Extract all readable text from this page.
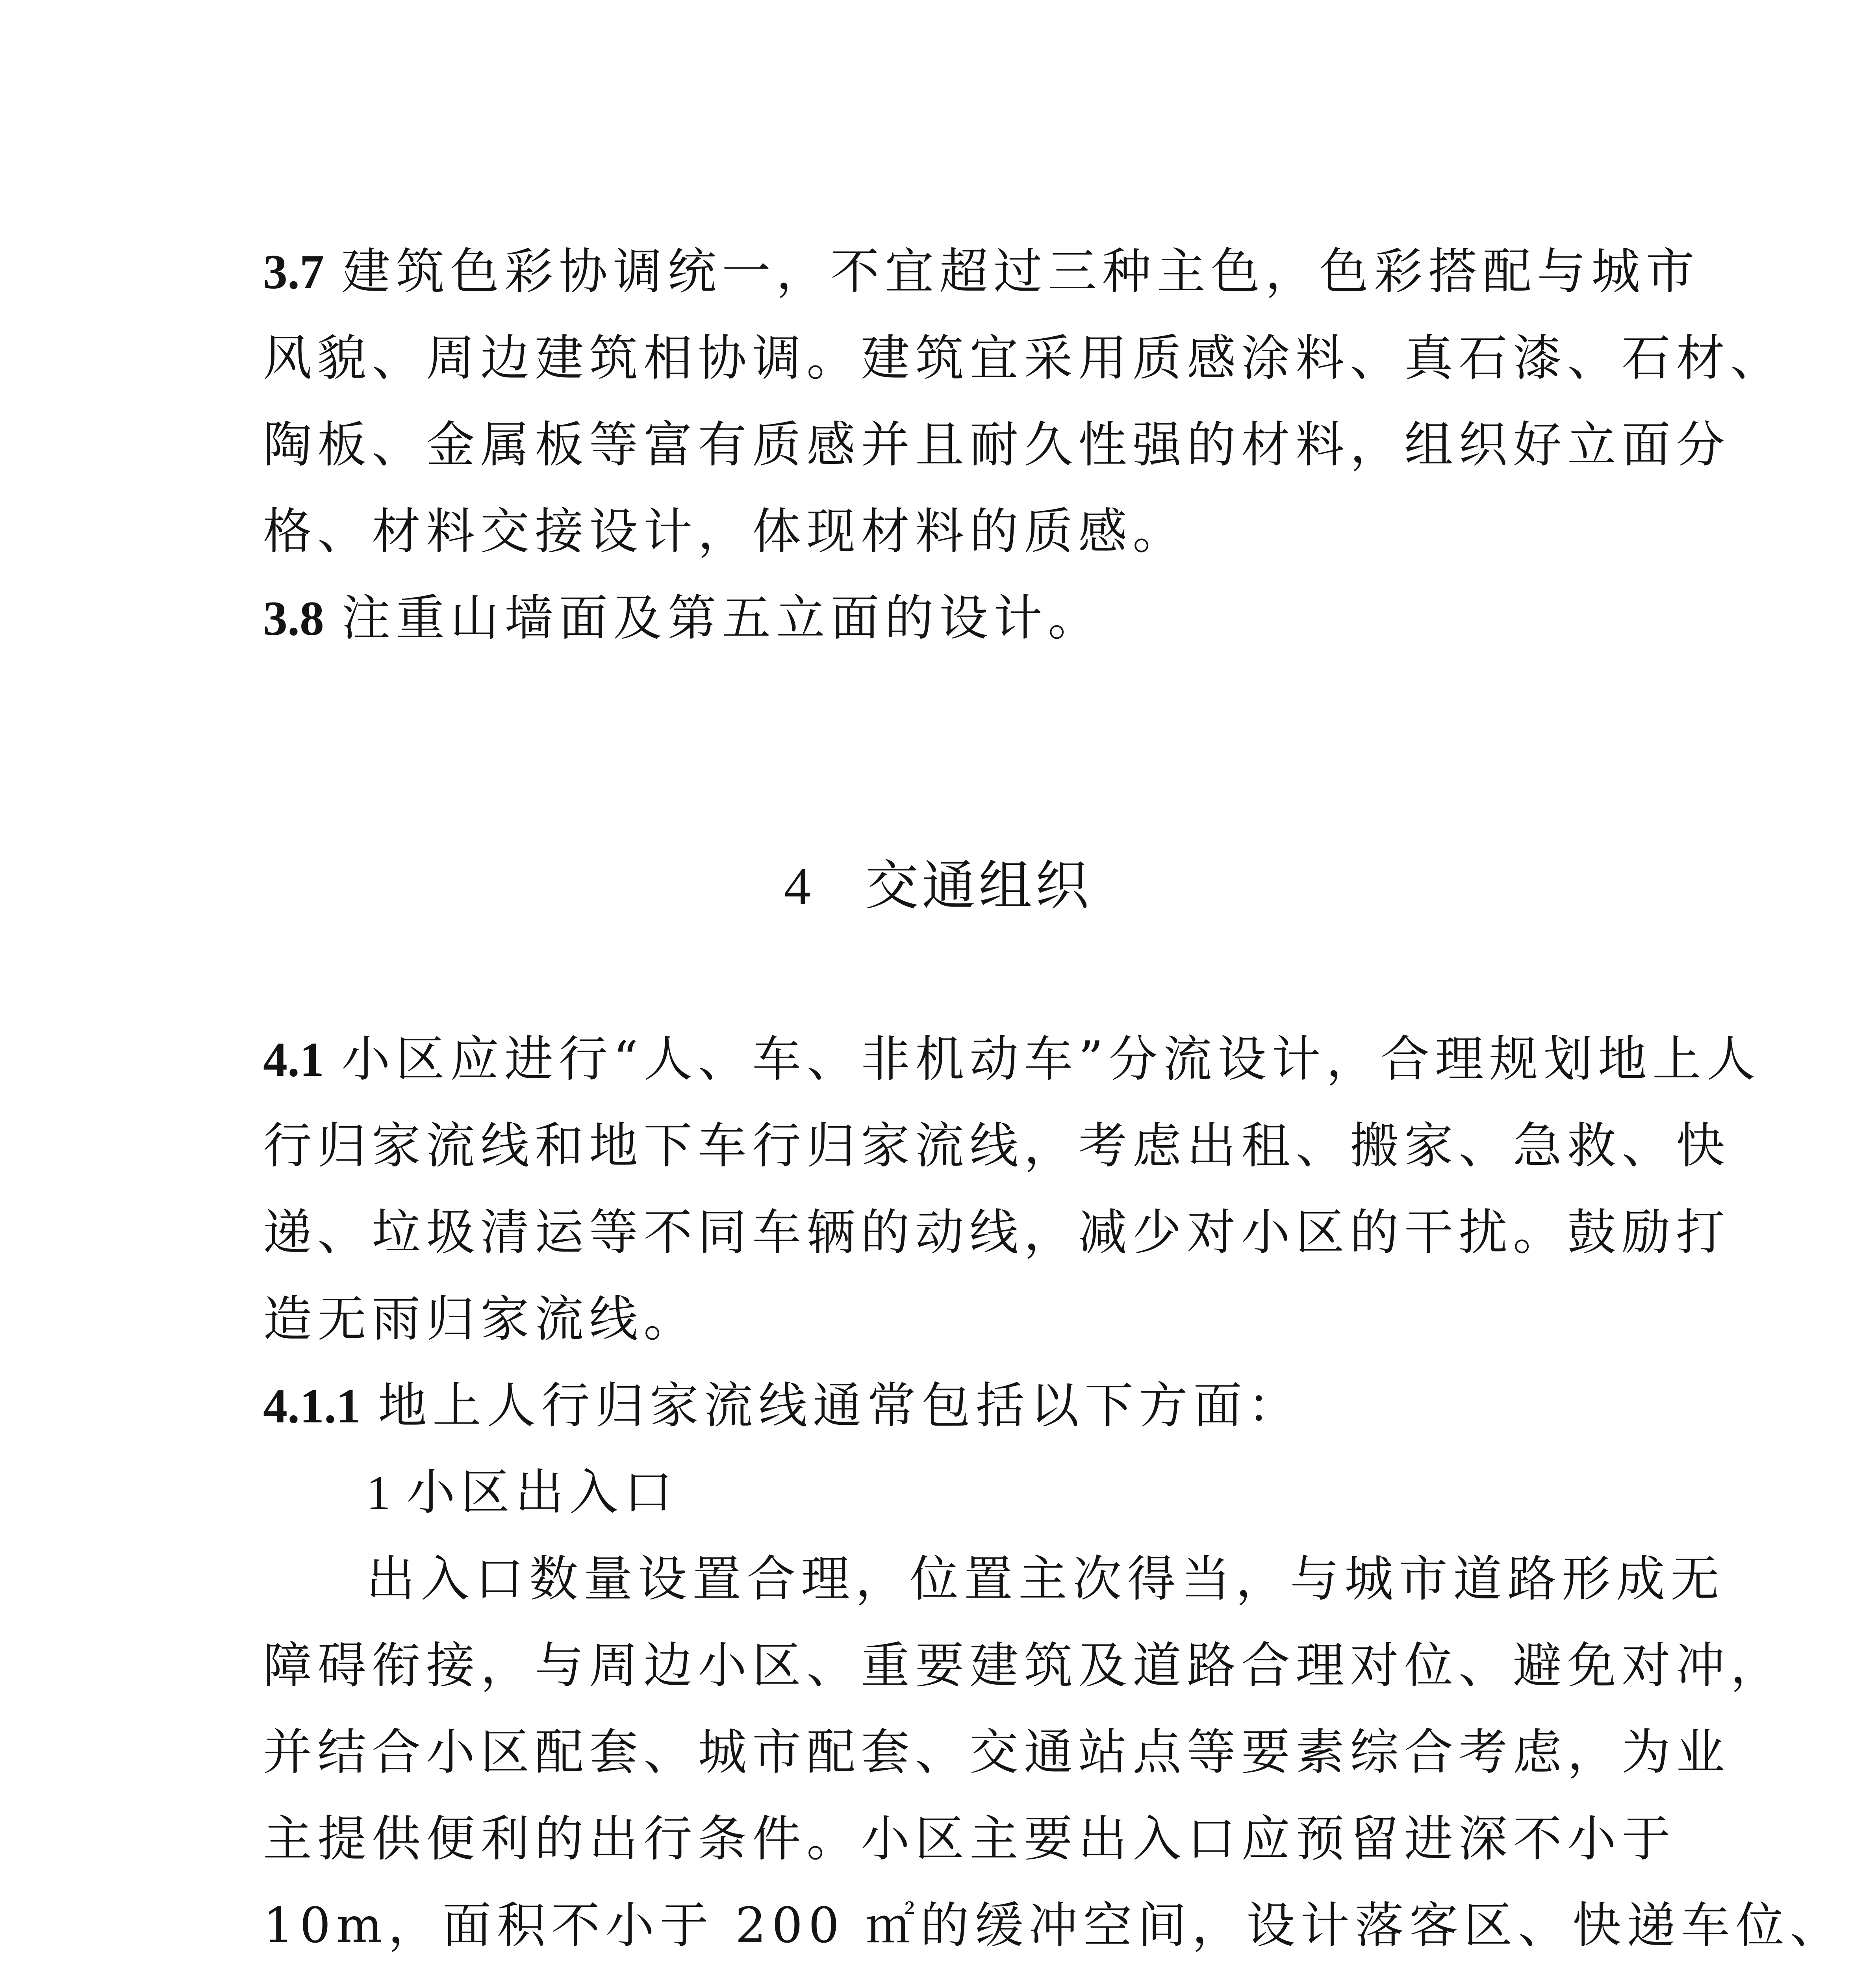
3.7 建筑色彩协调统一，不宜超过三种主色，色彩搭配与城市
风貌、周边建筑相协调。建筑宜采用质感涂料、真石漆、石材、
陶板、金属板等富有质感并且耐久性强的材料，组织好立面分
格、材料交接设计，体现材料的质感。
3.8 注重山墙面及第五立面的设计。
4 交通组织
4.1 小区应进行“人、车、非机动车”分流设计，合理规划地上人
行归家流线和地下车行归家流线，考虑出租、搬家、急救、快
递、垃圾清运等不同车辆的动线，减少对小区的干扰。鼓励打
造无雨归家流线。
4.1.1 地上人行归家流线通常包括以下方面：
1 小区出入口
出入口数量设置合理，位置主次得当，与城市道路形成无
障碍衔接，与周边小区、重要建筑及道路合理对位、避免对冲，
并结合小区配套、城市配套、交通站点等要素综合考虑，为业
主提供便利的出行条件。小区主要出入口应预留进深不小于
10m，面积不小于 200 ㎡的缓冲空间，设计落客区、快递车位、
